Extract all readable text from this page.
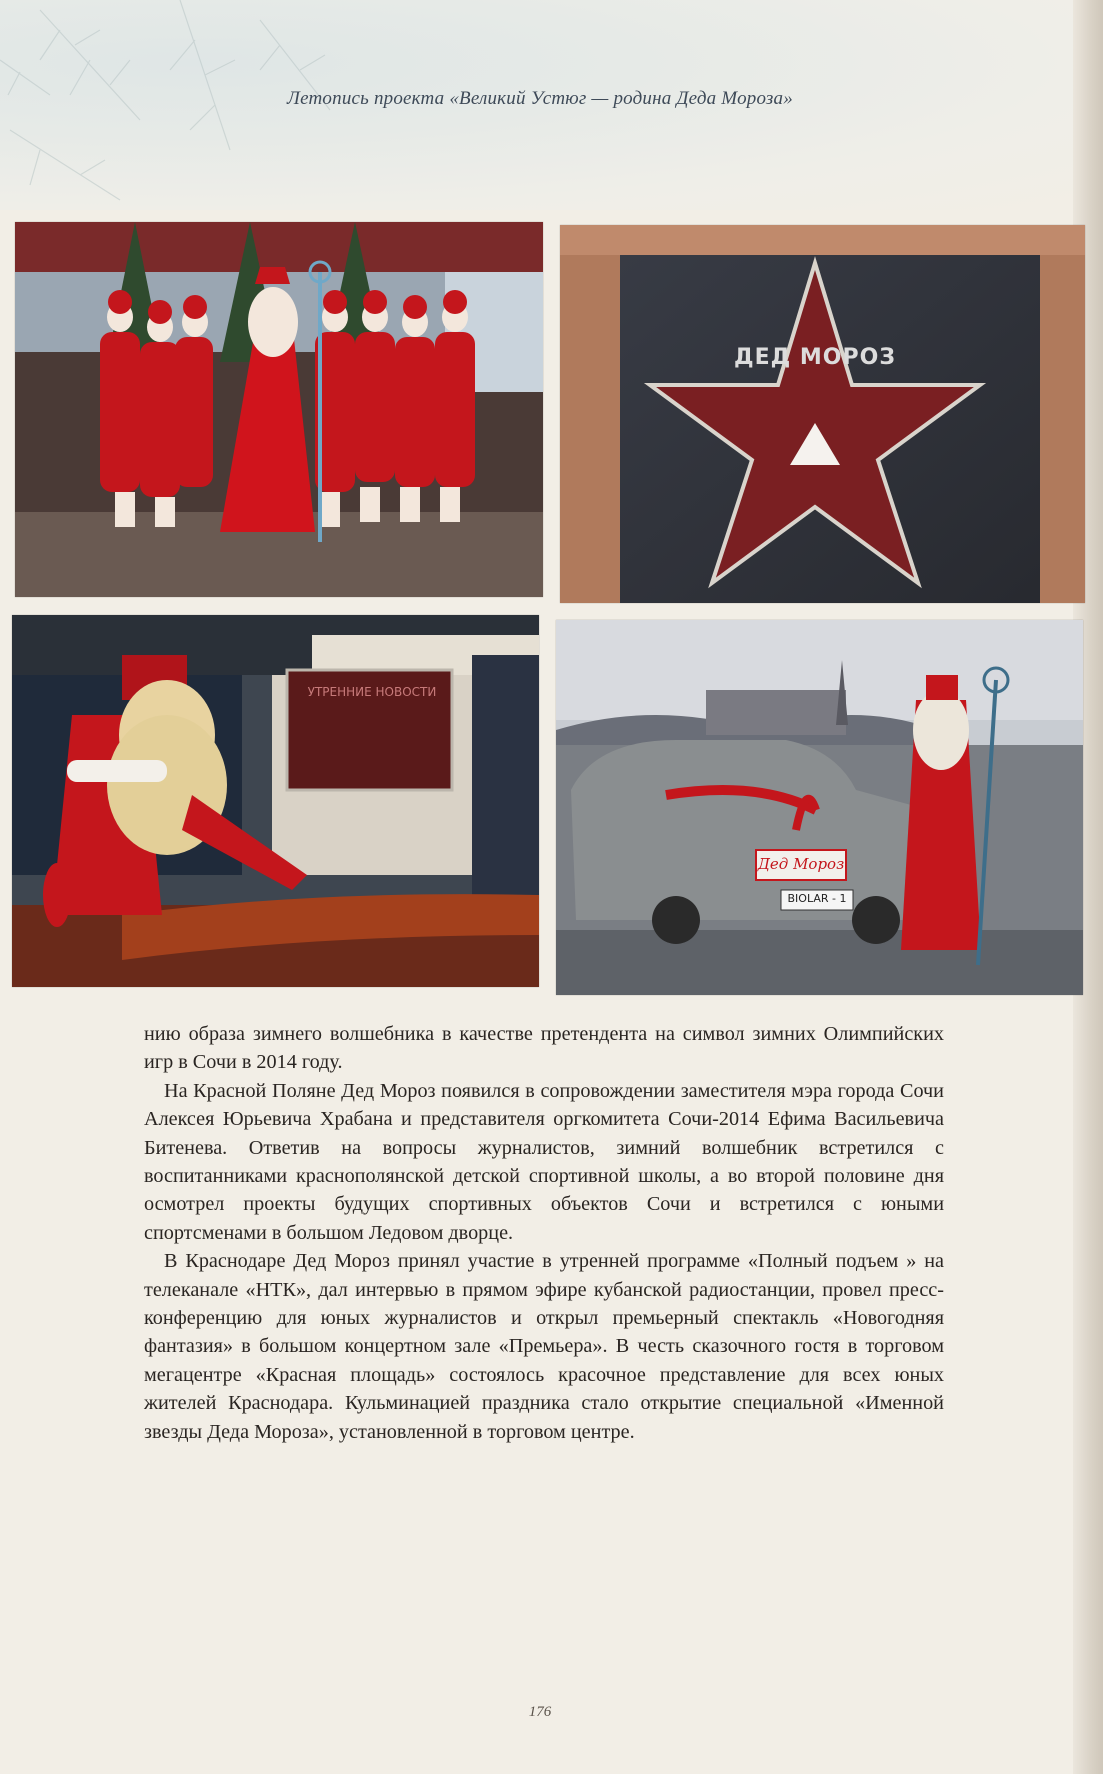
Летопись проекта «Великий Устюг — родина Деда Мороза»
ДЕД МОРОЗ
УТРЕННИЕ НОВОСТИ
Дед Мороз
BIOLAR - 1

нию образа зимнего волшебника в качестве претендента на символ зимних Олимпийских игр в Сочи в 2014 году.

На Красной Поляне Дед Мороз появился в сопровождении заместителя мэра города Сочи Алексея Юрьевича Храбана и представителя оргкомитета Сочи-2014 Ефима Васильевича Битенева. Ответив на вопросы журналистов, зимний волшебник встретился с воспитанниками краснополянской детской спортивной школы, а во второй половине дня осмотрел проекты будущих спортивных объектов Сочи и встретился с юными спортсменами в большом Ледовом дворце.

В Краснодаре Дед Мороз принял участие в утренней программе «Полный подъем » на телеканале «НТК», дал интервью в прямом эфире кубанской радиостанции, провел пресс-конференцию для юных журналистов и открыл премьерный спектакль «Новогодняя фантазия» в большом концертном зале «Премьера». В честь сказочного гостя в торговом мегацентре «Красная площадь» состоялось красочное представление для всех юных жителей Краснодара. Кульминацией праздника стало открытие специальной «Именной звезды Деда Мороза», установленной в торговом центре.

176
